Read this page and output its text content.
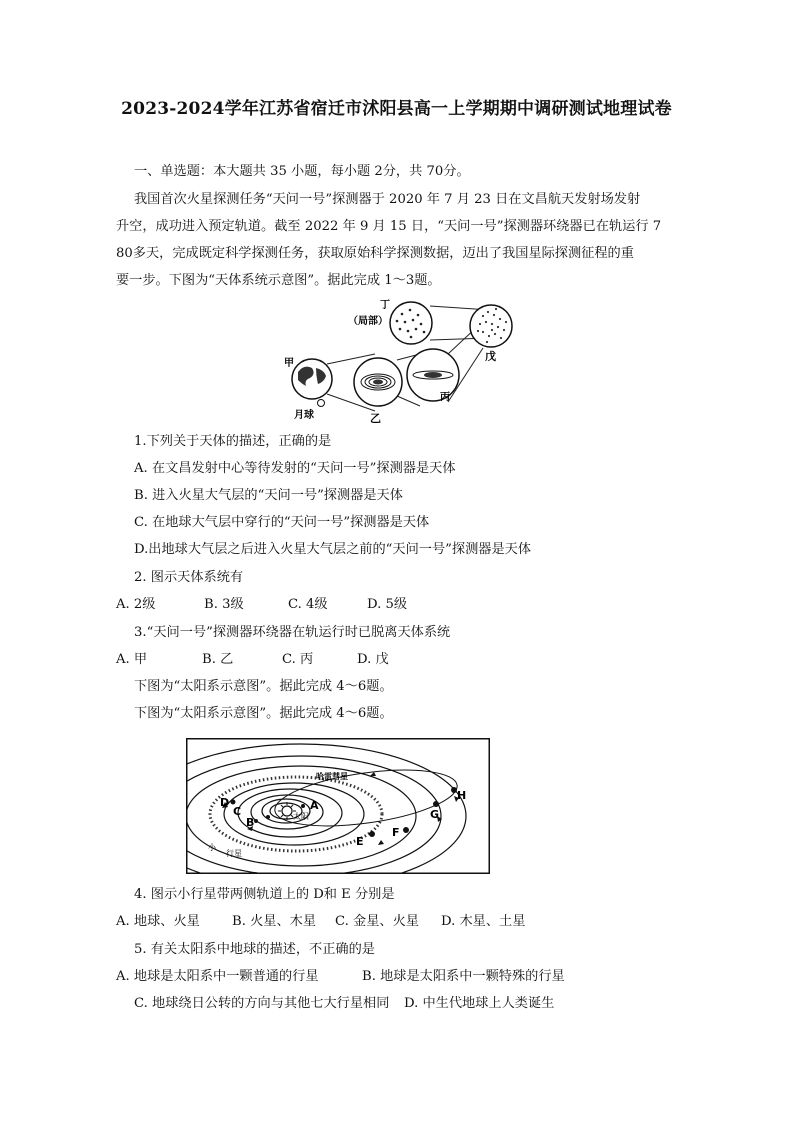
2023-2024学年江苏省宿迁市沭阳县高一上学期期中调研测试地理试卷
一、单选题：本大题共 35 小题，每小题 2分，共 70分。
我国首次火星探测任务“天问一号”探测器于 2020 年 7 月 23 日在文昌航天发射场发射
升空，成功进入预定轨道。截至 2022 年 9 月 15 日，“天问一号”探测器环绕器已在轨运行 7
80多天，完成既定科学探测任务，获取原始科学探测数据，迈出了我国星际探测征程的重
要一步。下图为“天体系统示意图”。据此完成 1～3题。
丁
（局部）
甲
月球	乙
丙
戊
1.下列关于天体的描述，正确的是
A. 在文昌发射中心等待发射的“天问一号”探测器是天体
B. 进入火星大气层的“天问一号”探测器是天体
C. 在地球大气层中穿行的“天问一号”探测器是天体
D.出地球大气层之后进入火星大气层之前的“天问一号”探测器是天体
2. 图示天体系统有
A. 2级	B. 3级	C. 4级	D. 5级
3.“天问一号”探测器环绕器在轨运行时已脱离天体系统
A. 甲	B. 乙	C. 丙	D. 戊
下图为“太阳系示意图”。据此完成 4～6题。
下图为“太阳系示意图”。据此完成 4～6题。
哈雷彗星
太阳
A
B
C
D
E
F
G
H
小
行星
4. 图示小行星带两侧轨道上的 D和 E 分别是
A. 地球、火星 B. 火星、木星 C. 金星、火星 D. 木星、土星
5. 有关太阳系中地球的描述，不正确的是
A. 地球是太阳系中一颗普通的行星	B. 地球是太阳系中一颗特殊的行星
C. 地球绕日公转的方向与其他七大行星相同 D. 中生代地球上人类诞生
